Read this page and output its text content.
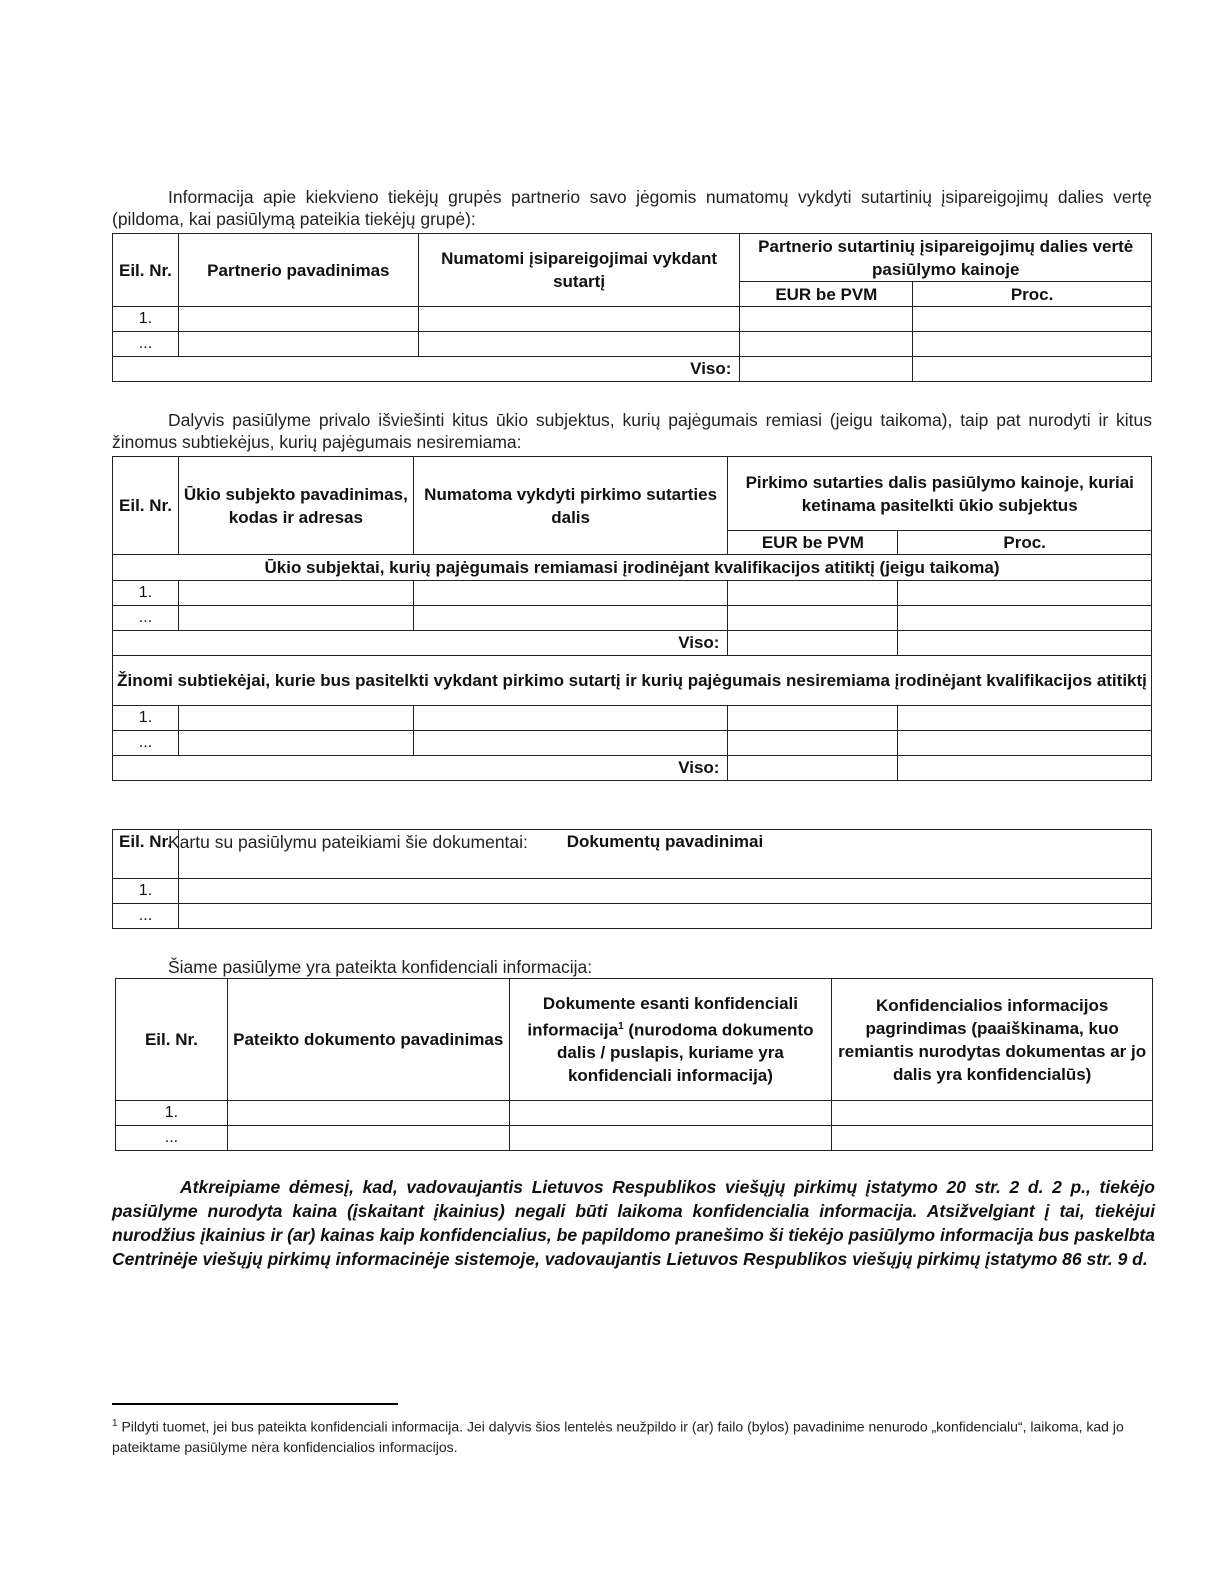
Informacija apie kiekvieno tiekėjų grupės partnerio savo jėgomis numatomų vykdyti sutartinių įsipareigojimų dalies vertę (pildoma, kai pasiūlymą pateikia tiekėjų grupė):
Eil. Nr.	Partnerio pavadinimas	Numatomi įsipareigojimai vykdant sutartį	Partnerio sutartinių įsipareigojimų dalies vertė pasiūlymo kainoje	
			EUR be PVM	Proc.
1.				
...				
Viso:				
Dalyvis pasiūlyme privalo išviešinti kitus ūkio subjektus, kurių pajėgumais remiasi (jeigu taikoma), taip pat nurodyti ir kitus žinomus subtiekėjus, kurių pajėgumais nesiremiama:
Eil. Nr.	Ūkio subjekto pavadinimas, kodas ir adresas	Numatoma vykdyti pirkimo sutarties dalis	Pirkimo sutarties dalis pasiūlymo kainoje, kuriai ketinama pasitelkti ūkio subjektus	
			EUR be PVM	Proc.
Ūkio subjektai, kurių pajėgumais remiamasi įrodinėjant kvalifikacijos atitiktį (jeigu taikoma)				
1.				
...				
Viso:				
Žinomi subtiekėjai, kurie bus pasitelkti vykdant pirkimo sutartį ir kurių pajėgumais nesiremiama įrodinėjant kvalifikacijos atitiktį				
1.				
...				
Viso:				
Kartu su pasiūlymu pateikiami šie dokumentai:
Eil. Nr.	Dokumentų pavadinimai
1.	
...	
Šiame pasiūlyme yra pateikta konfidenciali informacija:
Eil. Nr.	Pateikto dokumento pavadinimas	Dokumente esanti konfidenciali informacija$^1$ (nurodoma dokumento dalis / puslapis, kuriame yra konfidenciali informacija)	Konfidencialios informacijos pagrindimas (paaiškinama, kuo remiantis nurodytas dokumentas ar jo dalis yra konfidencialūs)
1.			
...			
Atkreipiame dėmesį, kad, vadovaujantis Lietuvos Respublikos viešųjų pirkimų įstatymo 20 str. 2 d. 2 p., tiekėjo pasiūlyme nurodyta kaina (įskaitant įkainius) negali būti laikoma konfidencialia informacija. Atsižvelgiant į tai, tiekėjui nurodžius įkainius ir (ar) kainas kaip konfidencialius, be papildomo pranešimo ši tiekėjo pasiūlymo informacija bus paskelbta Centrinėje viešųjų pirkimų informacinėje sistemoje, vadovaujantis Lietuvos Respublikos viešųjų pirkimų įstatymo 86 str. 9 d.
$^1$ Pildyti tuomet, jei bus pateikta konfidenciali informacija. Jei dalyvis šios lentelės neužpildo ir (ar) failo (bylos) pavadinime nenurodo „konfidencialu“, laikoma, kad jo pateiktame pasiūlyme nėra konfidencialios informacijos.
